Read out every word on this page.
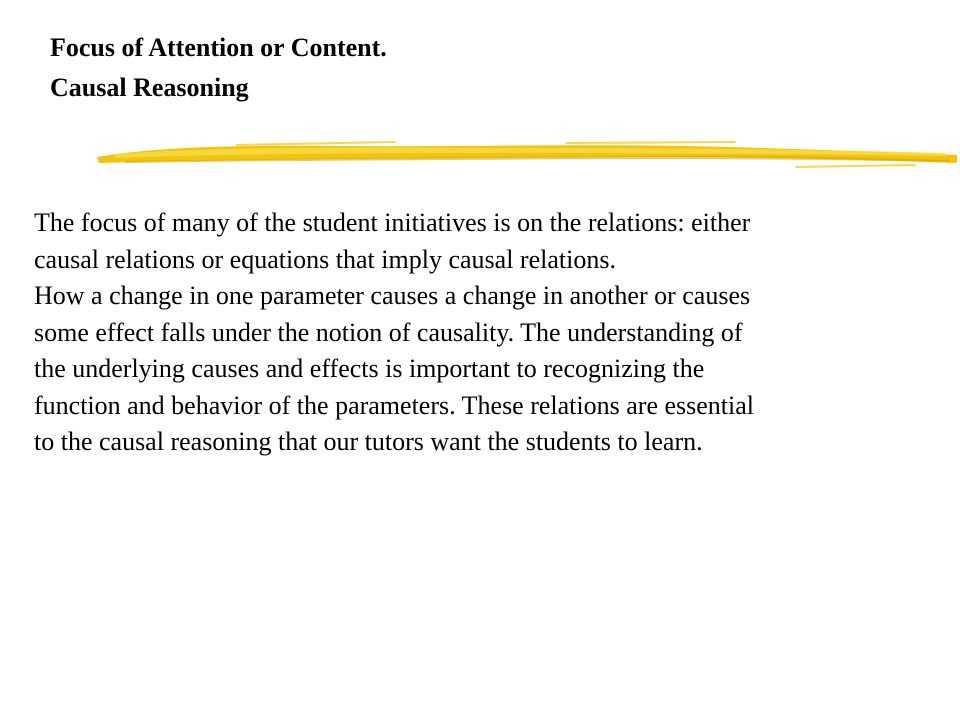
Focus of Attention or Content.
Causal Reasoning
The focus of many of the student initiatives is on the relations: either
causal relations or equations that imply causal relations.
How a change in one parameter causes a change in another or causes
some effect falls under the notion of causality. The understanding of
the underlying causes and effects is important to recognizing the
function and behavior of the parameters. These relations are essential
to the causal reasoning that our tutors want the students to learn.
